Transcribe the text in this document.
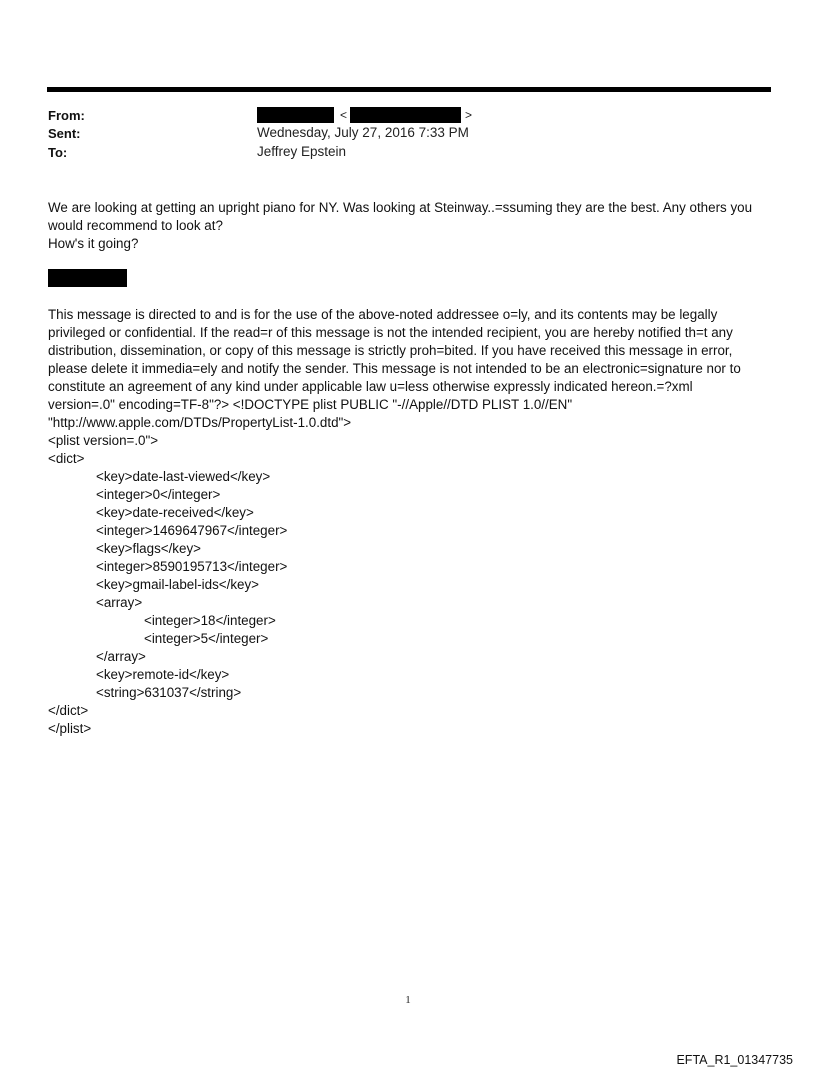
From:	<	>
Sent:	Wednesday, July 27, 2016 7:33 PM
To:	Jeffrey Epstein
We are looking at getting an upright piano for NY. Was looking at Steinway..=ssuming they are the best. Any others you
would recommend to look at?
How's it going?
This message is directed to and is for the use of the above-noted addressee o=ly, and its contents may be legally
privileged or confidential. If the read=r of this message is not the intended recipient, you are hereby notified th=t any
distribution, dissemination, or copy of this message is strictly proh=bited. If you have received this message in error,
please delete it immedia=ely and notify the sender. This message is not intended to be an electronic=signature nor to
constitute an agreement of any kind under applicable law u=less otherwise expressly indicated hereon.=?xml
version=.0" encoding=TF-8"?> <!DOCTYPE plist PUBLIC "-//Apple//DTD PLIST 1.0//EN"
"http://www.apple.com/DTDs/PropertyList-1.0.dtd">
<plist version=.0">
<dict>
<key>date-last-viewed</key>
<integer>0</integer>
<key>date-received</key>
<integer>1469647967</integer>
<key>flags</key>
<integer>8590195713</integer>
<key>gmail-label-ids</key>
<array>
<integer>18</integer>
<integer>5</integer>
</array>
<key>remote-id</key>
<string>631037</string>
</dict>
</plist>
1
EFTA_R1_01347735
